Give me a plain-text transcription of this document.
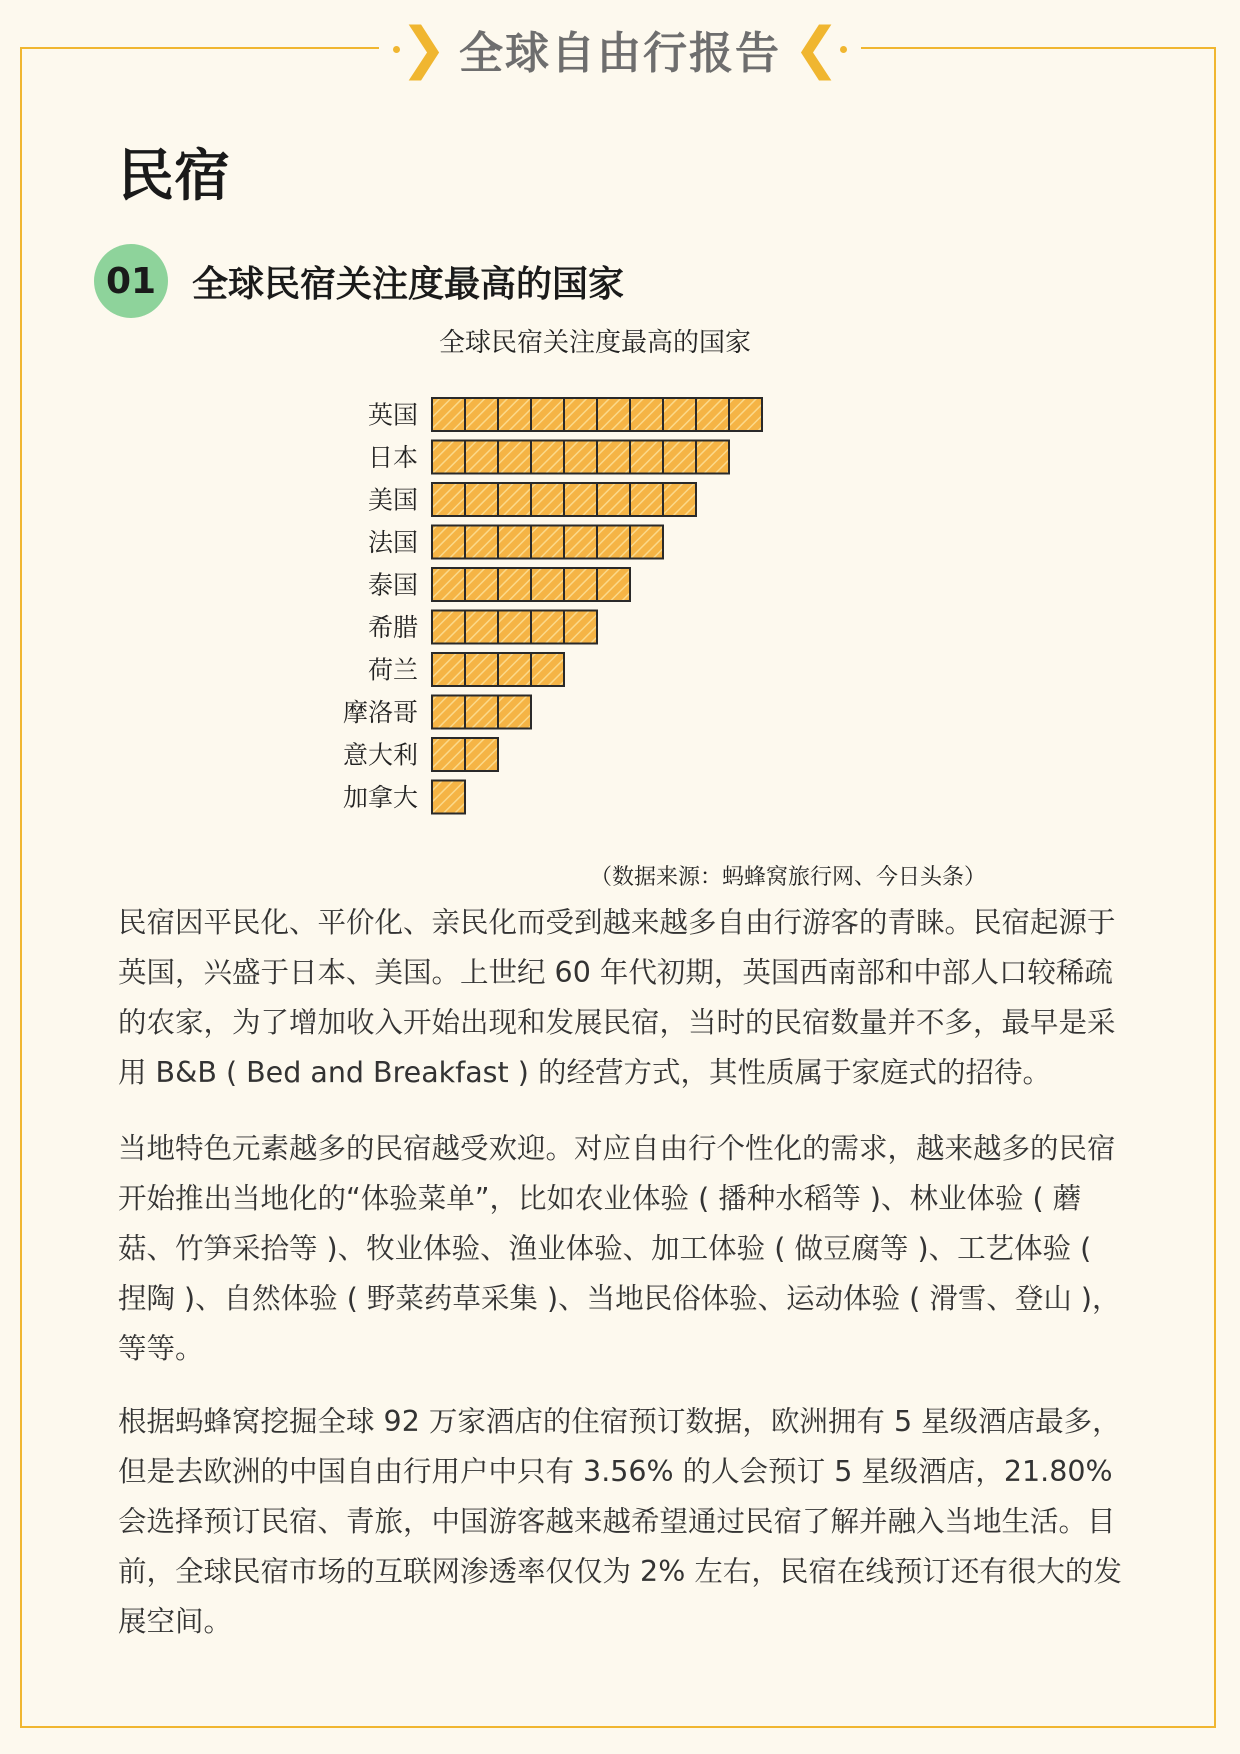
❯ 全球自由行报告 ❮
民宿
01 全球民宿关注度最高的国家
全球民宿关注度最高的国家
英国
日本
美国
法国
泰国
希腊
荷兰
摩洛哥
意大利
加拿大
（数据来源：蚂蜂窝旅行网、今日头条）

民宿因平民化、平价化、亲民化而受到越来越多自由行游客的青睐。民宿起源于英国，兴盛于日本、美国。上世纪 60 年代初期，英国西南部和中部人口较稀疏的农家，为了增加收入开始出现和发展民宿，当时的民宿数量并不多，最早是采用 B&B ( Bed and Breakfast ) 的经营方式，其性质属于家庭式的招待。

当地特色元素越多的民宿越受欢迎。对应自由行个性化的需求，越来越多的民宿开始推出当地化的“体验菜单”，比如农业体验 ( 播种水稻等 )、林业体验 ( 蘑菇、竹笋采拾等 )、牧业体验、渔业体验、加工体验 ( 做豆腐等 )、工艺体验 ( 捏陶 )、自然体验 ( 野菜药草采集 )、当地民俗体验、运动体验 ( 滑雪、登山 )，等等。

根据蚂蜂窝挖掘全球 92 万家酒店的住宿预订数据，欧洲拥有 5 星级酒店最多，但是去欧洲的中国自由行用户中只有 3.56% 的人会预订 5 星级酒店，21.80% 会选择预订民宿、青旅，中国游客越来越希望通过民宿了解并融入当地生活。目前，全球民宿市场的互联网渗透率仅仅为 2% 左右，民宿在线预订还有很大的发展空间。
